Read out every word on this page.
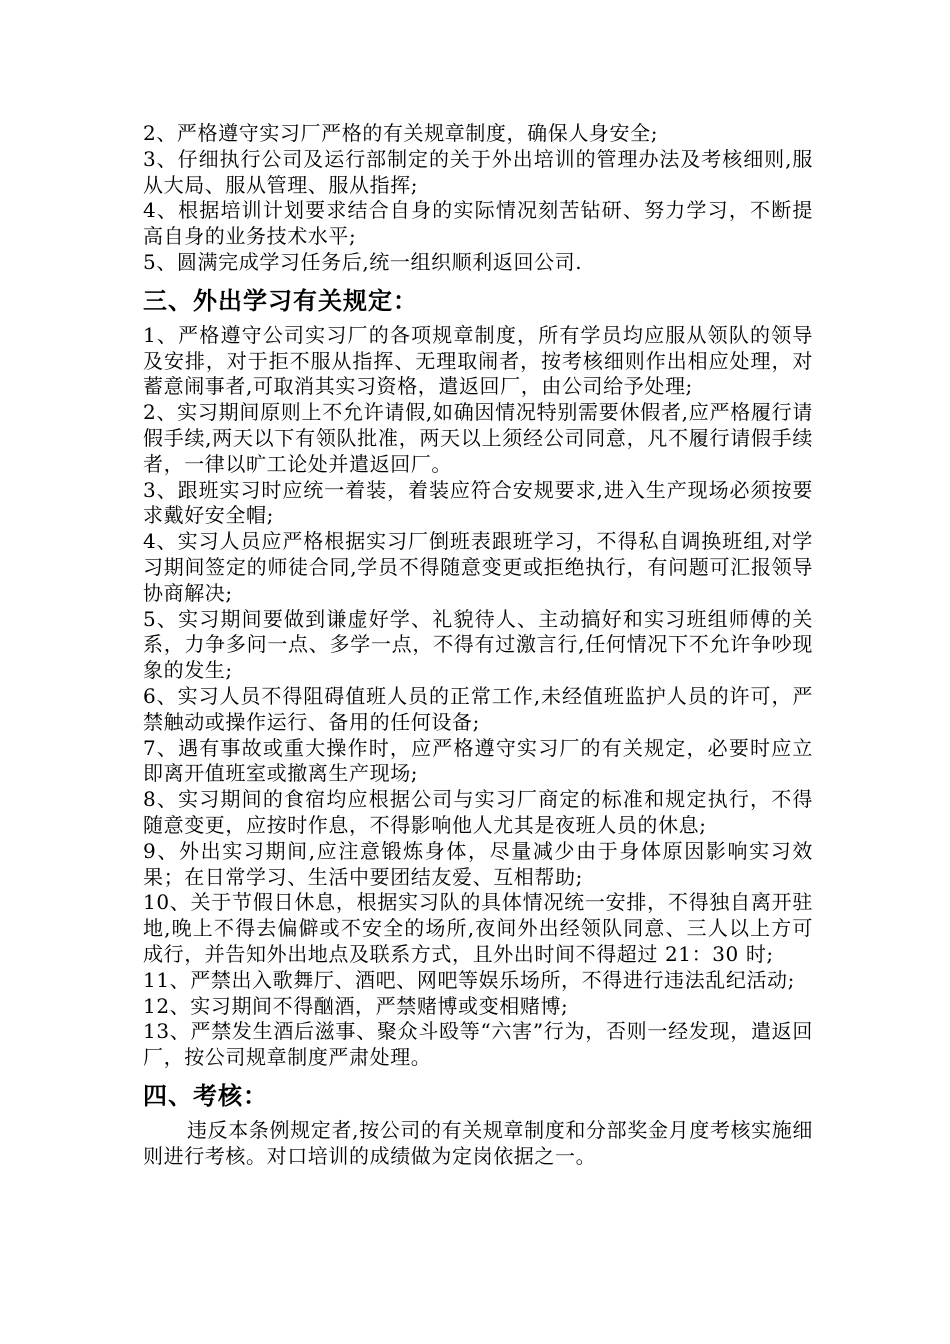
2、严格遵守实习厂严格的有关规章制度，确保人身安全;

3、仔细执行公司及运行部制定的关于外出培训的管理办法及考核细则,服从大局、服从管理、服从指挥;

4、根据培训计划要求结合自身的实际情况刻苦钻研、努力学习，不断提高自身的业务技术水平;

5、圆满完成学习任务后,统一组织顺利返回公司.

三、外出学习有关规定：

1、严格遵守公司实习厂的各项规章制度，所有学员均应服从领队的领导及安排，对于拒不服从指挥、无理取闹者，按考核细则作出相应处理，对蓄意闹事者,可取消其实习资格，遣返回厂，由公司给予处理;

2、实习期间原则上不允许请假,如确因情况特别需要休假者,应严格履行请假手续,两天以下有领队批准，两天以上须经公司同意，凡不履行请假手续者，一律以旷工论处并遣返回厂。

3、跟班实习时应统一着装，着装应符合安规要求,进入生产现场必须按要求戴好安全帽;

4、实习人员应严格根据实习厂倒班表跟班学习，不得私自调换班组,对学习期间签定的师徒合同,学员不得随意变更或拒绝执行，有问题可汇报领导协商解决;

5、实习期间要做到谦虚好学、礼貌待人、主动搞好和实习班组师傅的关系，力争多问一点、多学一点，不得有过激言行,任何情况下不允许争吵现象的发生;

6、实习人员不得阻碍值班人员的正常工作,未经值班监护人员的许可，严禁触动或操作运行、备用的任何设备;

7、遇有事故或重大操作时，应严格遵守实习厂的有关规定，必要时应立即离开值班室或撤离生产现场;

8、实习期间的食宿均应根据公司与实习厂商定的标准和规定执行，不得随意变更，应按时作息，不得影响他人尤其是夜班人员的休息;

9、外出实习期间,应注意锻炼身体，尽量减少由于身体原因影响实习效果；在日常学习、生活中要团结友爱、互相帮助;

10、关于节假日休息，根据实习队的具体情况统一安排，不得独自离开驻地,晚上不得去偏僻或不安全的场所,夜间外出经领队同意、三人以上方可成行，并告知外出地点及联系方式，且外出时间不得超过 21：30 时;

11、严禁出入歌舞厅、酒吧、网吧等娱乐场所，不得进行违法乱纪活动;

12、实习期间不得酗酒，严禁赌博或变相赌博;

13、严禁发生酒后滋事、聚众斗殴等“六害”行为，否则一经发现，遣返回厂，按公司规章制度严肃处理。

四、考核：

违反本条例规定者,按公司的有关规章制度和分部奖金月度考核实施细则进行考核。对口培训的成绩做为定岗依据之一。
